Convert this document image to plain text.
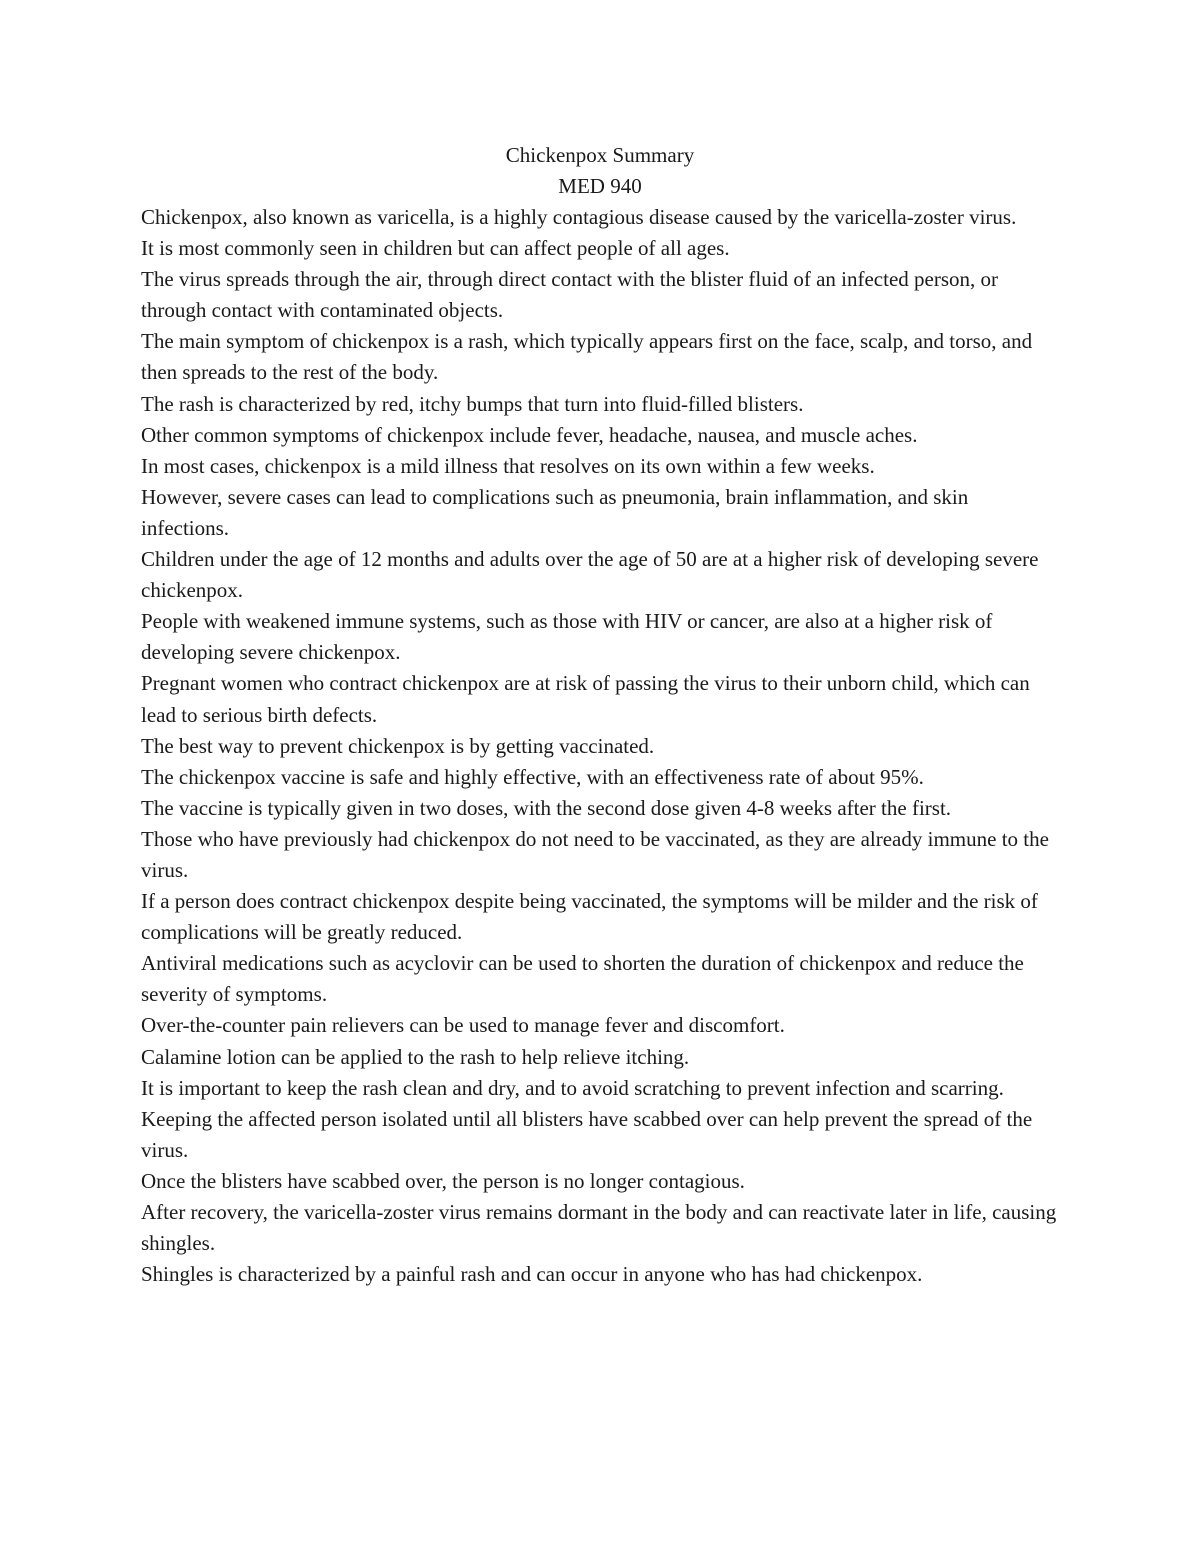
Chickenpox Summary
MED 940

Chickenpox, also known as varicella, is a highly contagious disease caused by the varicella-zoster virus.

It is most commonly seen in children but can affect people of all ages.

The virus spreads through the air, through direct contact with the blister fluid of an infected person, or through contact with contaminated objects.

The main symptom of chickenpox is a rash, which typically appears first on the face, scalp, and torso, and then spreads to the rest of the body.

The rash is characterized by red, itchy bumps that turn into fluid-filled blisters.

Other common symptoms of chickenpox include fever, headache, nausea, and muscle aches.

In most cases, chickenpox is a mild illness that resolves on its own within a few weeks.

However, severe cases can lead to complications such as pneumonia, brain inflammation, and skin infections.

Children under the age of 12 months and adults over the age of 50 are at a higher risk of developing severe chickenpox.

People with weakened immune systems, such as those with HIV or cancer, are also at a higher risk of developing severe chickenpox.

Pregnant women who contract chickenpox are at risk of passing the virus to their unborn child, which can lead to serious birth defects.

The best way to prevent chickenpox is by getting vaccinated.

The chickenpox vaccine is safe and highly effective, with an effectiveness rate of about 95%.

The vaccine is typically given in two doses, with the second dose given 4-8 weeks after the first.

Those who have previously had chickenpox do not need to be vaccinated, as they are already immune to the virus.

If a person does contract chickenpox despite being vaccinated, the symptoms will be milder and the risk of complications will be greatly reduced.

Antiviral medications such as acyclovir can be used to shorten the duration of chickenpox and reduce the severity of symptoms.

Over-the-counter pain relievers can be used to manage fever and discomfort.

Calamine lotion can be applied to the rash to help relieve itching.

It is important to keep the rash clean and dry, and to avoid scratching to prevent infection and scarring.

Keeping the affected person isolated until all blisters have scabbed over can help prevent the spread of the virus.

Once the blisters have scabbed over, the person is no longer contagious.

After recovery, the varicella-zoster virus remains dormant in the body and can reactivate later in life, causing shingles.

Shingles is characterized by a painful rash and can occur in anyone who has had chickenpox.
